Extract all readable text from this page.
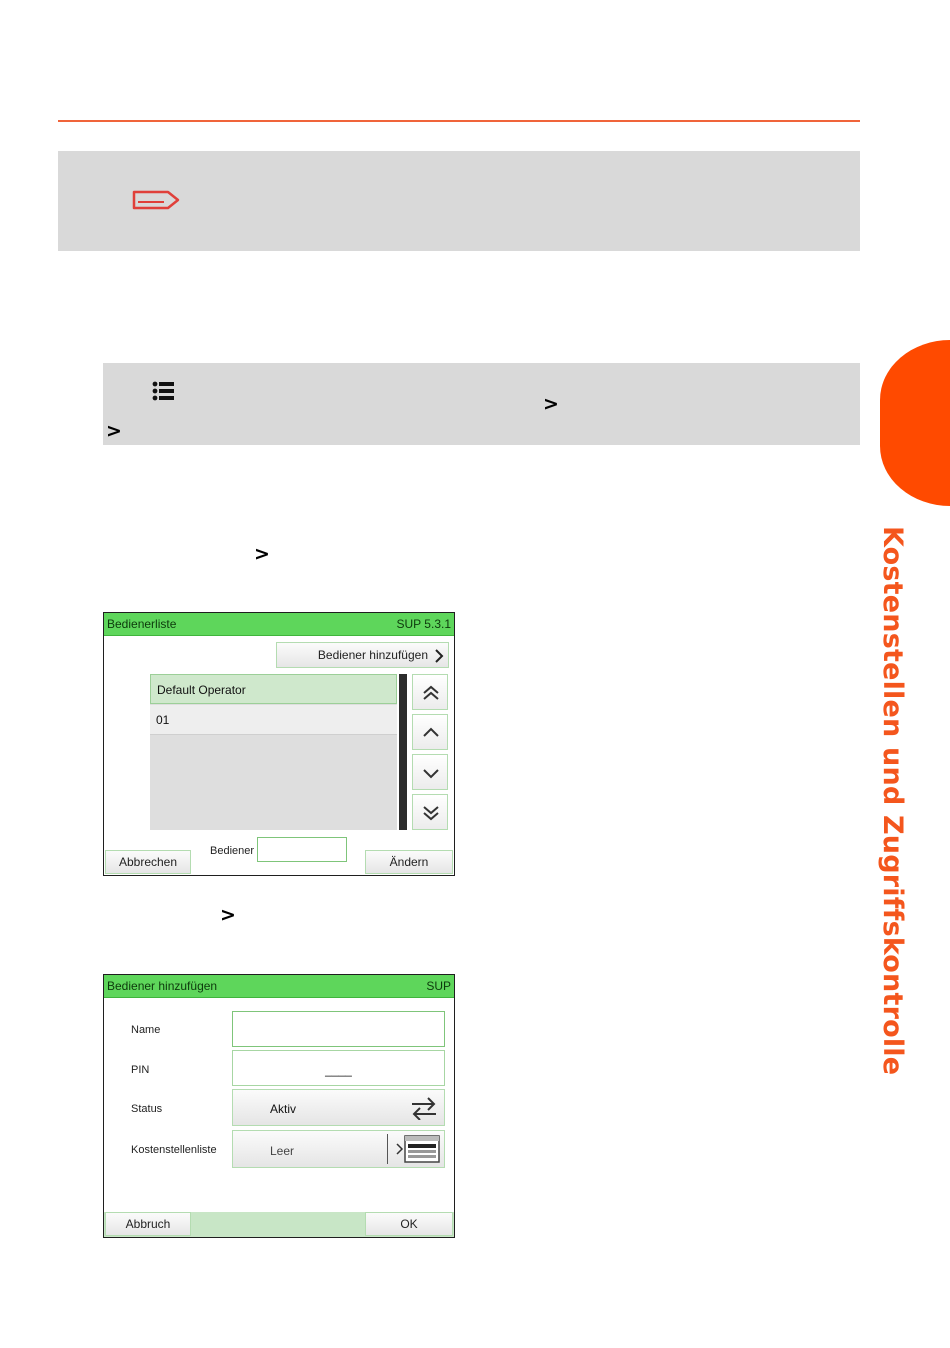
>
>
>
>	Kostenstellen und Zugriffskontrolle
Bedienerliste	SUP 5.3.1
Bediener hinzufügen
Default Operator
01
Abbrechen
Bediener
Ändern
Bediener hinzufügen	SUP
Name
PIN	____
Status	Aktiv
Kostenstellenliste	Leer
Abbruch	OK
